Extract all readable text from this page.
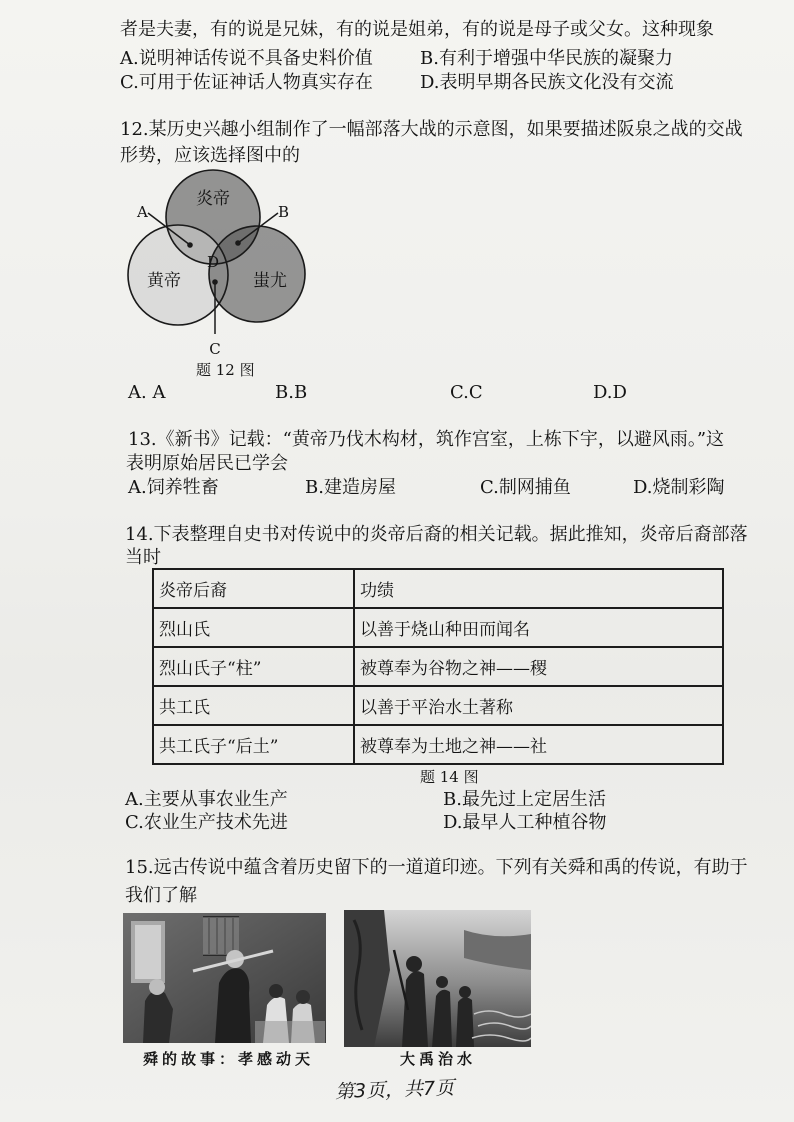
者是夫妻，有的说是兄妹，有的说是姐弟，有的说是母子或父女。这种现象
A.说明神话传说不具备史料价值	B.有利于增强中华民族的凝聚力
C.可用于佐证神话人物真实存在	D.表明早期各民族文化没有交流
12.某历史兴趣小组制作了一幅部落大战的示意图，如果要描述阪泉之战的交战
形势，应该选择图中的
炎帝
黄帝	蚩尤
A	B
C
D
题 12 图
A. A	B.B	C.C	D.D
13.《新书》记载：“黄帝乃伐木构材，筑作宫室，上栋下宇，以避风雨。”这
表明原始居民已学会
A.饲养牲畜	B.建造房屋	C.制网捕鱼	D.烧制彩陶
14.下表整理自史书对传说中的炎帝后裔的相关记载。据此推知，炎帝后裔部落
当时
炎帝后裔	功绩
烈山氏	以善于烧山种田而闻名
烈山氏子“柱”	被尊奉为谷物之神——稷
共工氏	以善于平治水土著称
共工氏子“后土”	被尊奉为土地之神——社
题 14 图
A.主要从事农业生产	B.最先过上定居生活
C.农业生产技术先进	D.最早人工种植谷物
15.远古传说中蕴含着历史留下的一道道印迹。下列有关舜和禹的传说，有助于
我们了解
舜的故事：孝感动天	大禹治水
第3页，共7页
